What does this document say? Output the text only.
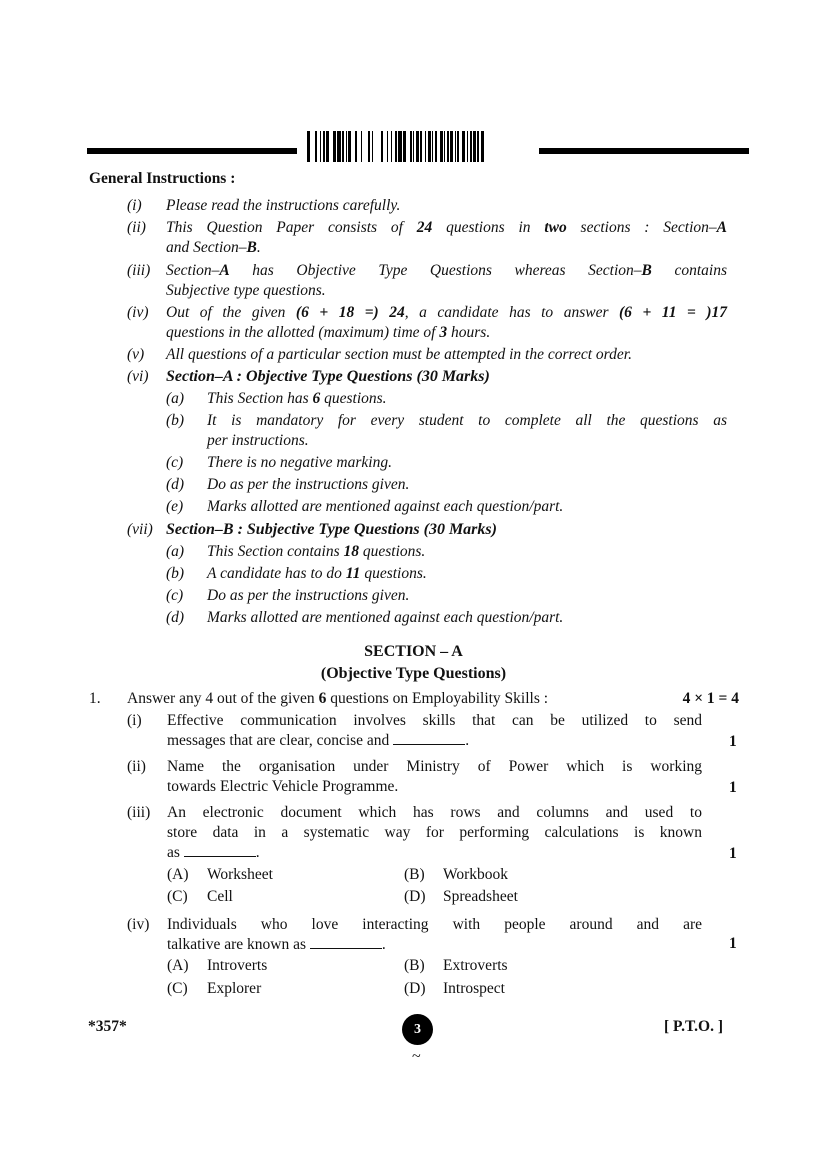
General Instructions :
(i)	Please read the instructions carefully.
(ii)	This Question Paper consists of 24 questions in two sections : Section–A
and Section–B.
(iii)	Section–A has Objective Type Questions whereas Section–B contains
Subjective type questions.
(iv)	Out of the given (6 + 18 =) 24, a candidate has to answer (6 + 11 = )17
questions in the allotted (maximum) time of 3 hours.
(v)	All questions of a particular section must be attempted in the correct order.
(vi)	Section–A : Objective Type Questions (30 Marks)
(a)	This Section has 6 questions.
(b)	It is mandatory for every student to complete all the questions as
per instructions.
(c)	There is no negative marking.
(d)	Do as per the instructions given.
(e)	Marks allotted are mentioned against each question/part.
(vii) Section–B : Subjective Type Questions (30 Marks)
(a)	This Section contains 18 questions.
(b)	A candidate has to do 11 questions.
(c)	Do as per the instructions given.
(d)	Marks allotted are mentioned against each question/part.
SECTION – A
(Objective Type Questions)
1.	Answer any 4 out of the given 6 questions on Employability Skills :	4 × 1 = 4
(i)	Effective communication involves skills that can be utilized to send
messages that are clear, concise and	.	1
(ii)	Name the organisation under Ministry of Power which is working
towards Electric Vehicle Programme.	1
(iii)	An electronic document which has rows and columns and used to
store data in a systematic way for performing calculations is known
as	.	1
(A) Worksheet	(B) Workbook
(C) Cell	(D) Spreadsheet
(iv)	Individuals who love interacting with people around and are
talkative are known as	.	1
(A) Introverts	(B) Extroverts
(C) Explorer	(D) Introspect
*357*	3	[ P.T.O. ]
~
